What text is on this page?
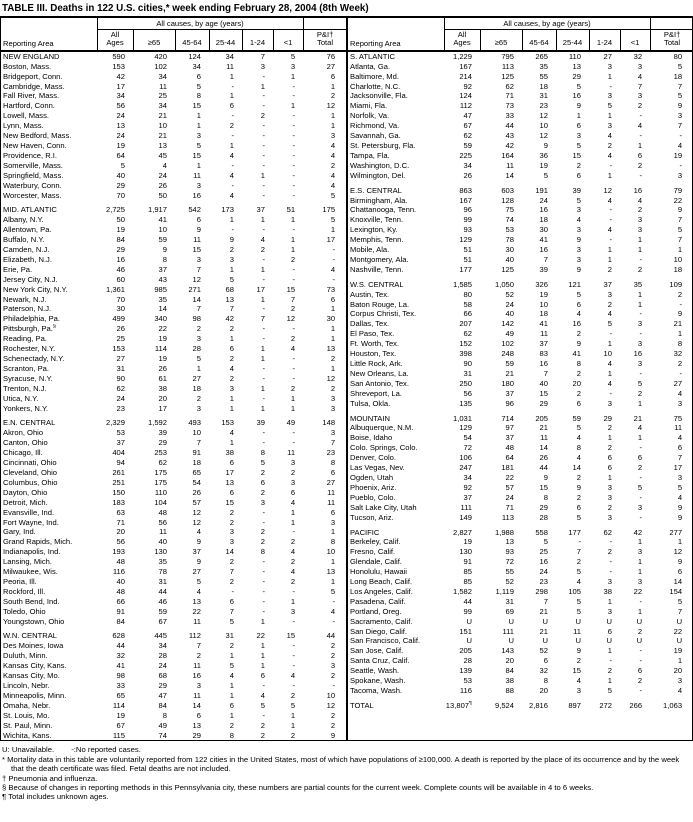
TABLE III. Deaths in 122 U.S. cities,* week ending February 28, 2004 (8th Week)
Reporting Area	All causes, by age (years)						
	All
Ages	≥65	45-64	25-44	1-24	<1	P&I†
Total
NEW ENGLAND	590	420	124	34	7	5	76
Boston, Mass.	153	102	34	11	3	3	27
Bridgeport, Conn.	42	34	6	1	-	1	6
Cambridge, Mass.	17	11	5	-	1	-	1
Fall River, Mass.	34	25	8	1	-	-	2
Hartford, Conn.	56	34	15	6	-	1	12
Lowell, Mass.	24	21	1	-	2	-	1
Lynn, Mass.	13	10	1	2	-	-	1
New Bedford, Mass.	24	21	3	-	-	-	3
New Haven, Conn.	19	13	5	1	-	-	4
Providence, R.I.	64	45	15	4	-	-	4
Somerville, Mass.	5	4	1	-	-	-	2
Springfield, Mass.	40	24	11	4	1	-	4
Waterbury, Conn.	29	26	3	-	-	-	4
Worcester, Mass.	70	50	16	4	-	-	5

MID. ATLANTIC	2,725	1,917	542	173	37	51	175
Albany, N.Y.	50	41	6	1	1	1	5
Allentown, Pa.	19	10	9	-	-	-	1
Buffalo, N.Y.	84	59	11	9	4	1	17
Camden, N.J.	29	9	15	2	2	1	-
Elizabeth, N.J.	16	8	3	3	-	2	-
Erie, Pa.	46	37	7	1	1	-	4
Jersey City, N.J.	60	43	12	5	-	-	-
New York City, N.Y.	1,361	985	271	68	17	15	73
Newark, N.J.	70	35	14	13	1	7	6
Paterson, N.J.	30	14	7	7	-	2	1
Philadelphia, Pa.	499	340	98	42	7	12	30
Pittsburgh, Pa.§	26	22	2	2	-	-	1
Reading, Pa.	25	19	3	1	-	2	1
Rochester, N.Y.	153	114	28	6	1	4	13
Schenectady, N.Y.	27	19	5	2	1	-	2
Scranton, Pa.	31	26	1	4	-	-	1
Syracuse, N.Y.	90	61	27	2	-	-	12
Trenton, N.J.	62	38	18	3	1	2	2
Utica, N.Y.	24	20	2	1	-	1	3
Yonkers, N.Y.	23	17	3	1	1	1	3

E.N. CENTRAL	2,329	1,592	493	153	39	49	148
Akron, Ohio	53	39	10	4	-	-	3
Canton, Ohio	37	29	7	1	-	-	7
Chicago, Ill.	404	253	91	38	8	11	23
Cincinnati, Ohio	94	62	18	6	5	3	8
Cleveland, Ohio	261	175	65	17	2	2	6
Columbus, Ohio	251	175	54	13	6	3	27
Dayton, Ohio	150	110	26	6	2	6	11
Detroit, Mich.	183	104	57	15	3	4	11
Evansville, Ind.	63	48	12	2	-	1	6
Fort Wayne, Ind.	71	56	12	2	-	1	3
Gary, Ind.	20	11	4	3	2	-	1
Grand Rapids, Mich.	56	40	9	3	2	2	8
Indianapolis, Ind.	193	130	37	14	8	4	10
Lansing, Mich.	48	35	9	2	-	2	1
Milwaukee, Wis.	116	78	27	7	-	4	13
Peoria, Ill.	40	31	5	2	-	2	1
Rockford, Ill.	48	44	4	-	-	-	5
South Bend, Ind.	66	46	13	6	-	1	-
Toledo, Ohio	91	59	22	7	-	3	4
Youngstown, Ohio	84	67	11	5	1	-	-

W.N. CENTRAL	628	445	112	31	22	15	44
Des Moines, Iowa	44	34	7	2	1	-	2
Duluth, Minn.	32	28	2	1	1	-	2
Kansas City, Kans.	41	24	11	5	1	-	3
Kansas City, Mo.	98	68	16	4	6	4	2
Lincoln, Nebr.	33	29	3	1	-	-	-
Minneapolis, Minn.	65	47	11	1	4	2	10
Omaha, Nebr.	114	84	14	6	5	5	12
St. Louis, Mo.	19	8	6	1	-	1	2
St. Paul, Minn.	67	49	13	2	2	1	2
Wichita, Kans.	115	74	29	8	2	2	9
Reporting Area	All causes, by age (years)						
	All
Ages	≥65	45-64	25-44	1-24	<1	P&I†
Total
S. ATLANTIC	1,229	795	265	110	27	32	80
Atlanta, Ga.	167	113	35	13	3	3	5
Baltimore, Md.	214	125	55	29	1	4	18
Charlotte, N.C.	92	62	18	5	-	7	7
Jacksonville, Fla.	124	71	31	16	3	3	5
Miami, Fla.	112	73	23	9	5	2	9
Norfolk, Va.	47	33	12	1	1	-	3
Richmond, Va.	67	44	10	6	3	4	7
Savannah, Ga.	62	43	12	3	4	-	-
St. Petersburg, Fla.	59	42	9	5	2	1	4
Tampa, Fla.	225	164	36	15	4	6	19
Washington, D.C.	34	11	19	2	-	2	-
Wilmington, Del.	26	14	5	6	1	-	3

E.S. CENTRAL	863	603	191	39	12	16	79
Birmingham, Ala.	167	128	24	5	4	4	22
Chattanooga, Tenn.	96	75	16	3	-	2	9
Knoxville, Tenn.	99	74	18	4	-	3	7
Lexington, Ky.	93	53	30	3	4	3	5
Memphis, Tenn.	129	78	41	9	-	1	7
Mobile, Ala.	51	30	16	3	1	1	1
Montgomery, Ala.	51	40	7	3	1	-	10
Nashville, Tenn.	177	125	39	9	2	2	18

W.S. CENTRAL	1,585	1,050	326	121	37	35	109
Austin, Tex.	80	52	19	5	3	1	2
Baton Rouge, La.	58	24	10	6	2	1	-
Corpus Christi, Tex.	66	40	18	4	4	-	9
Dallas, Tex.	207	142	41	16	5	3	21
El Paso, Tex.	62	49	11	2	-	-	1
Ft. Worth, Tex.	152	102	37	9	1	3	8
Houston, Tex.	398	248	83	41	10	16	32
Little Rock, Ark.	90	59	16	8	4	3	2
New Orleans, La.	31	21	7	2	1	-	-
San Antonio, Tex.	250	180	40	20	4	5	27
Shreveport, La.	56	37	15	2	-	2	4
Tulsa, Okla.	135	96	29	6	3	1	3

MOUNTAIN	1,031	714	205	59	29	21	75
Albuquerque, N.M.	129	97	21	5	2	4	11
Boise, Idaho	54	37	11	4	1	1	4
Colo. Springs, Colo.	72	48	14	8	2	-	6
Denver, Colo.	106	64	26	4	6	6	7
Las Vegas, Nev.	247	181	44	14	6	2	17
Ogden, Utah	34	22	9	2	1	-	3
Phoenix, Ariz.	92	57	15	9	3	5	5
Pueblo, Colo.	37	24	8	2	3	-	4
Salt Lake City, Utah	111	71	29	6	2	3	9
Tucson, Ariz.	149	113	28	5	3	-	9

PACIFIC	2,827	1,988	558	177	62	42	277
Berkeley, Calif.	19	13	5	-	-	1	1
Fresno, Calif.	130	93	25	7	2	3	12
Glendale, Calif.	91	72	16	2	-	1	9
Honolulu, Hawaii	85	55	24	5	-	1	6
Long Beach, Calif.	85	52	23	4	3	3	14
Los Angeles, Calif.	1,582	1,119	298	105	38	22	154
Pasadena, Calif.	44	31	7	5	1	-	5
Portland, Oreg.	99	69	21	5	3	1	7
Sacramento, Calif.	U	U	U	U	U	U	U
San Diego, Calif.	151	111	21	11	6	2	22
San Francisco, Calif.	U	U	U	U	U	U	U
San Jose, Calif.	205	143	52	9	1	-	19
Santa Cruz, Calif.	28	20	6	2	-	-	1
Seattle, Wash.	139	84	32	15	2	6	20
Spokane, Wash.	53	38	8	4	1	2	3
Tacoma, Wash.	116	88	20	3	5	-	4

TOTAL	13,807¶	9,524	2,816	897	272	266	1,063
U: Unavailable.        -:No reported cases.
* Mortality data in this table are voluntarily reported from 122 cities in the United States, most of which have populations of ≥100,000. A death is reported by the place of its occurrence and by the week that the death certificate was filed. Fetal deaths are not included.
† Pneumonia and influenza.
§ Because of changes in reporting methods in this Pennsylvania city, these numbers are partial counts for the current week. Complete counts will be available in 4 to 6 weeks.
¶ Total includes unknown ages.
